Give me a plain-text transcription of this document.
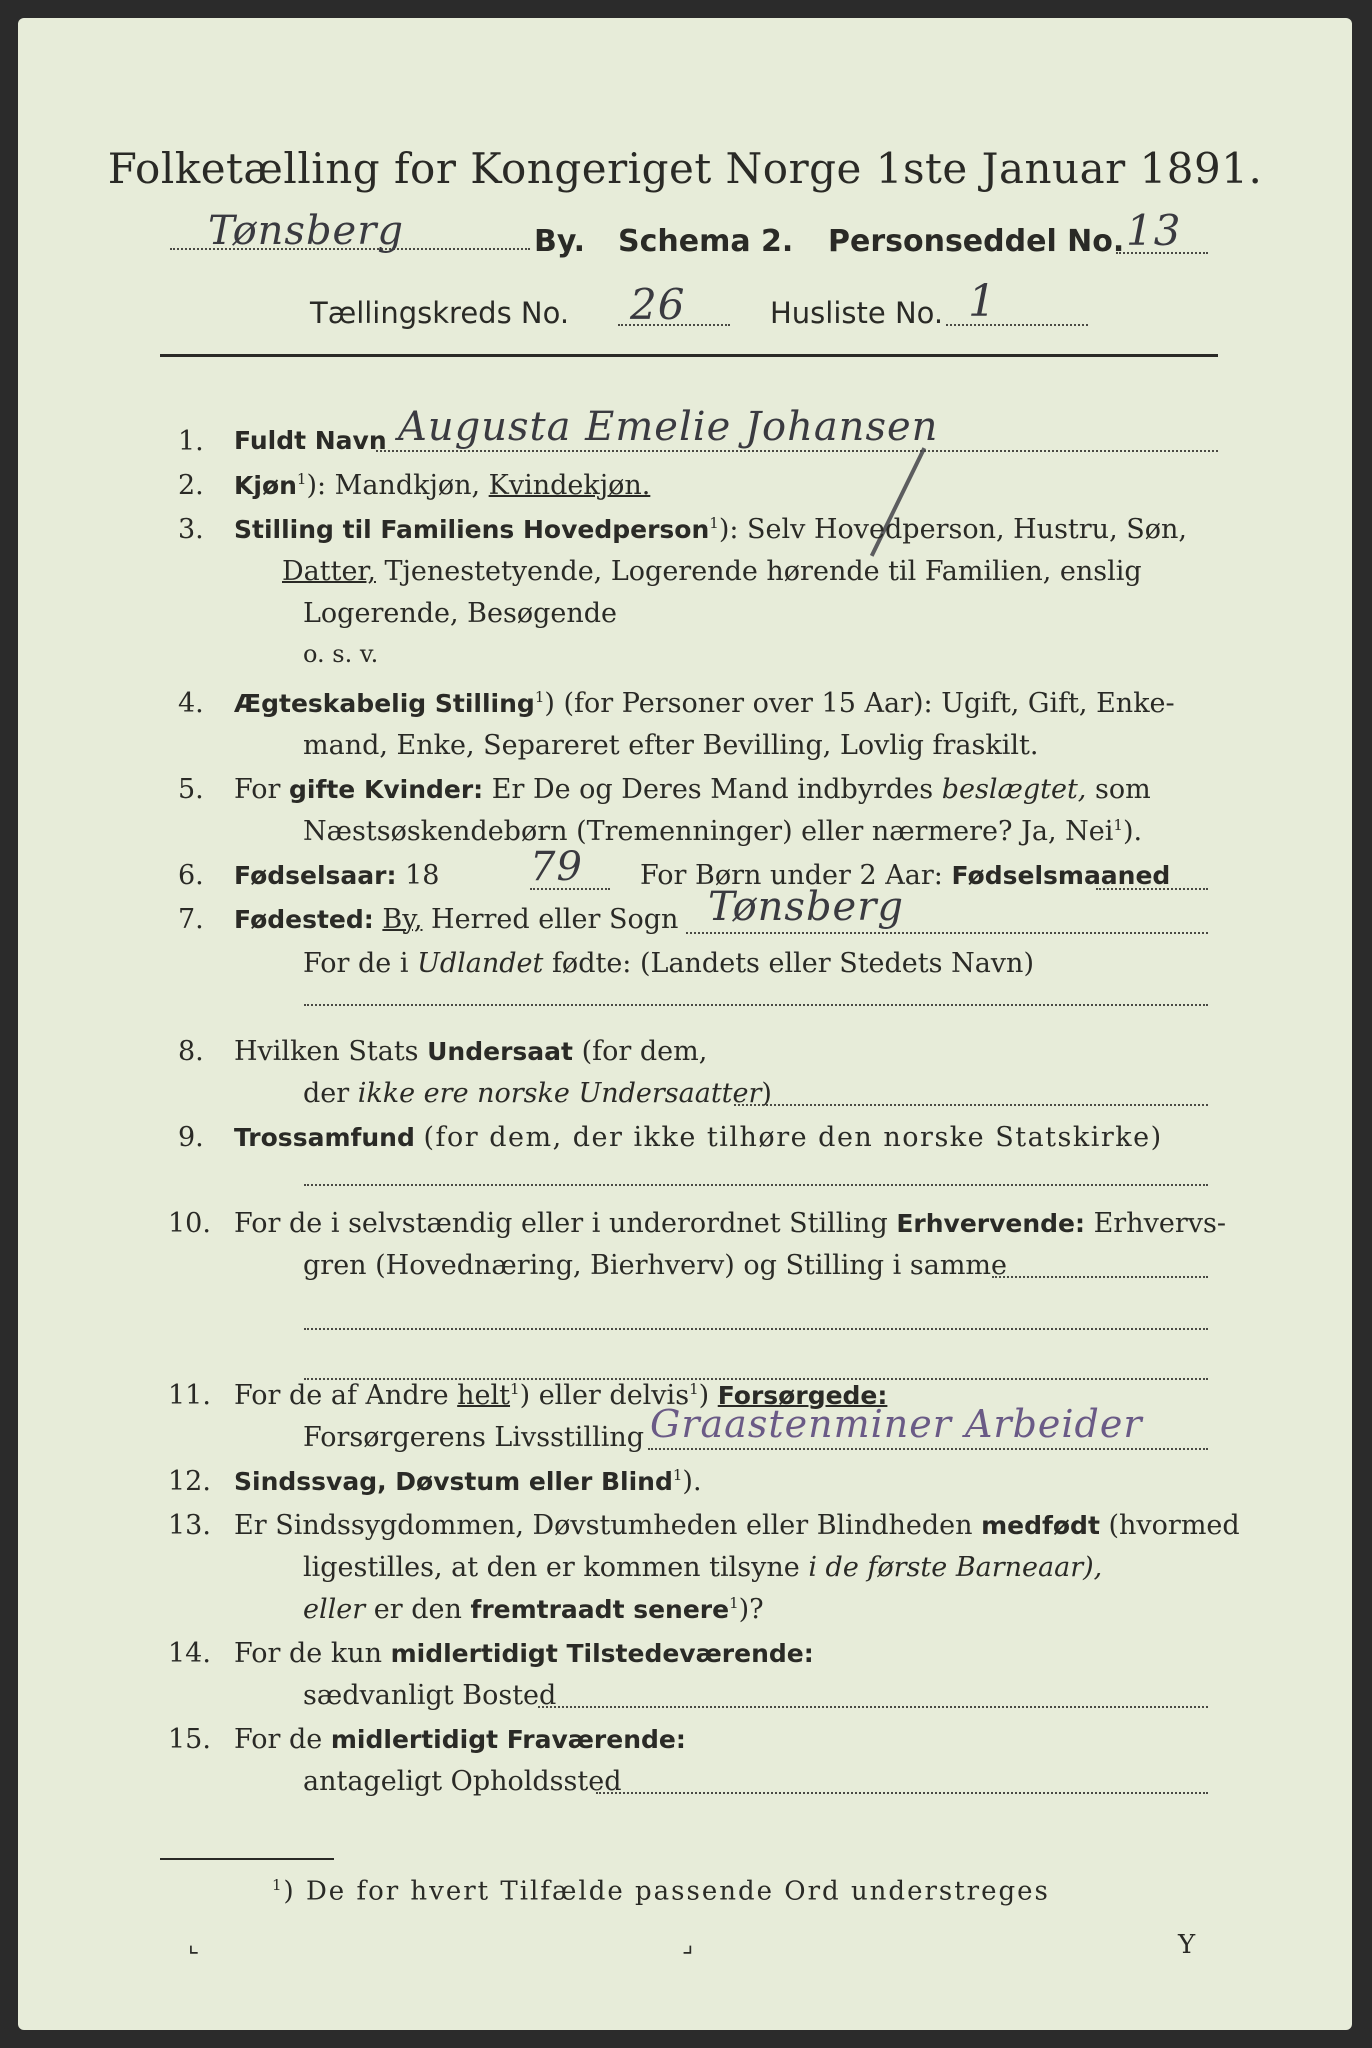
Folketælling for Kongeriget Norge 1ste Januar 1891.
Tønsberg	By. Schema 2. Personseddel No. 13
Tællingskreds No. 26	Husliste No. 1
1. Fuldt Navn Augusta Emelie Johansen
2. Kjøn$^1$): Mandkjøn, Kvindekjøn.
3. Stilling til Familiens Hovedperson$^1$): Selv Hovedperson, Hustru, Søn,
Datter, Tjenestetyende, Logerende hørende til Familien, enslig
Logerende, Besøgende
o. s. v.
4. Ægteskabelig Stilling$^1$) (for Personer over 15 Aar): Ugift, Gift, Enke-
mand, Enke, Separeret efter Bevilling, Lovlig fraskilt.
5. For gifte Kvinder: Er De og Deres Mand indbyrdes beslægtet, som
Næstsøskendebørn (Tremenninger) eller nærmere? Ja, Nei$^1$).
6. Fødselsaar: 18 79 For Børn under 2 Aar: Fødselsmaaned
7. Fødested: By, Herred eller Sogn Tønsberg
For de i Udlandet fødte: (Landets eller Stedets Navn)
8. Hvilken Stats Undersaat (for dem,
der ikke ere norske Undersaatter)
9. Trossamfund (for dem, der ikke tilhøre den norske Statskirke)
10. For de i selvstændig eller i underordnet Stilling Erhvervende: Erhvervs-
gren (Hovednæring, Bierhverv) og Stilling i samme
11. For de af Andre helt$^1$) eller delvis$^1$) Forsørgede:
Forsørgerens Livsstilling Graastenminer Arbeider
12. Sindssvag, Døvstum eller Blind$^1$).
13. Er Sindssygdommen, Døvstumheden eller Blindheden medfødt (hvormed
ligestilles, at den er kommen tilsyne i de første Barneaar),
eller er den fremtraadt senere$^1$)?
14. For de kun midlertidigt Tilstedeværende:
sædvanligt Bosted
15. For de midlertidigt Fraværende:
antageligt Opholdssted
$^1$) De for hvert Tilfælde passende Ord understreges
⌞	⌟	Y
